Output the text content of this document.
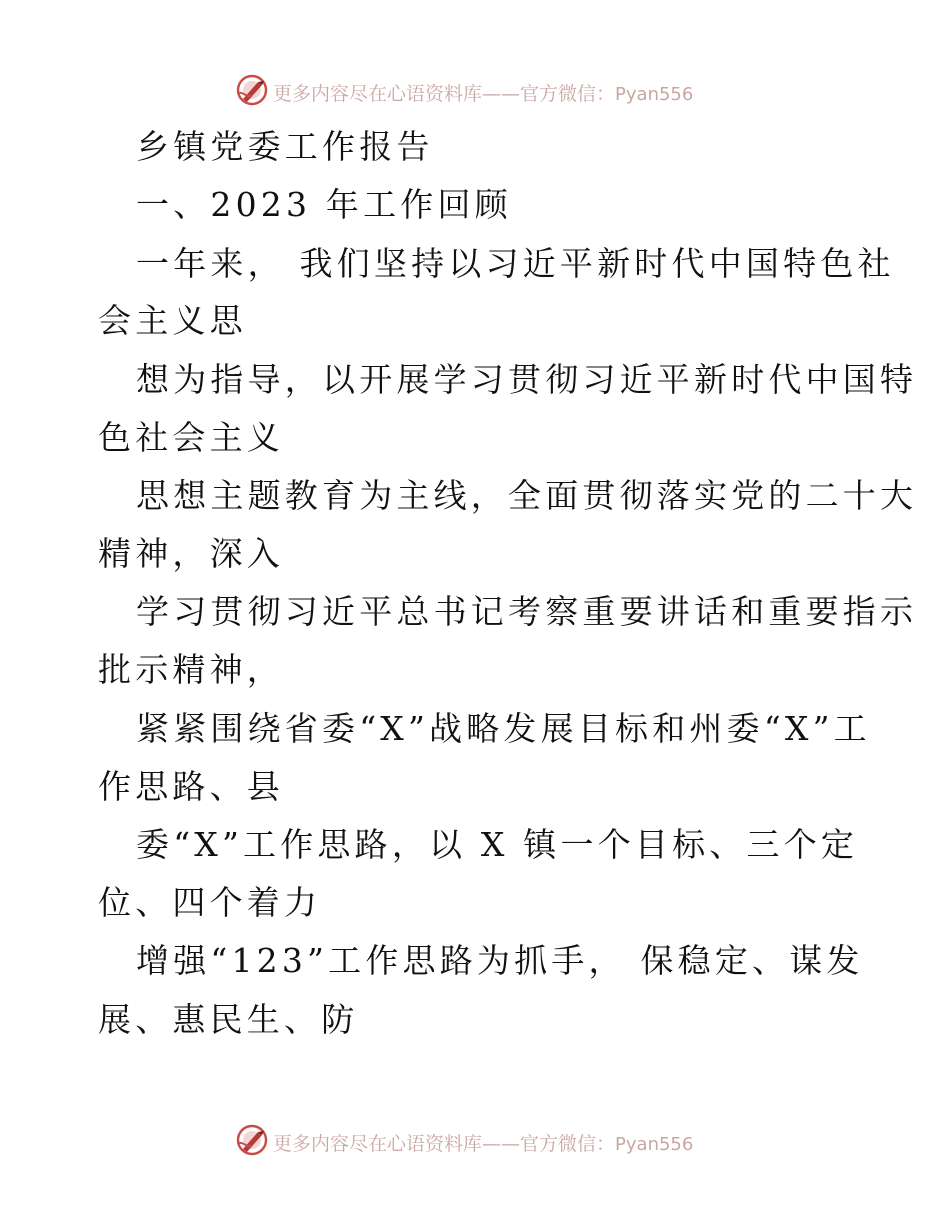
更多内容尽在心语资料库——官方微信：Pyan556
乡镇党委工作报告
一、2023 年工作回顾
一年来， 我们坚持以习近平新时代中国特色社
会主义思
想为指导，以开展学习贯彻习近平新时代中国特
色社会主义
思想主题教育为主线，全面贯彻落实党的二十大
精神，深入
学习贯彻习近平总书记考察重要讲话和重要指示
批示精神，
紧紧围绕省委“X”战略发展目标和州委“X”工
作思路、县
委“X”工作思路，以 X 镇一个目标、三个定
位、四个着力
增强“123”工作思路为抓手， 保稳定、谋发
展、惠民生、防
更多内容尽在心语资料库——官方微信：Pyan556
